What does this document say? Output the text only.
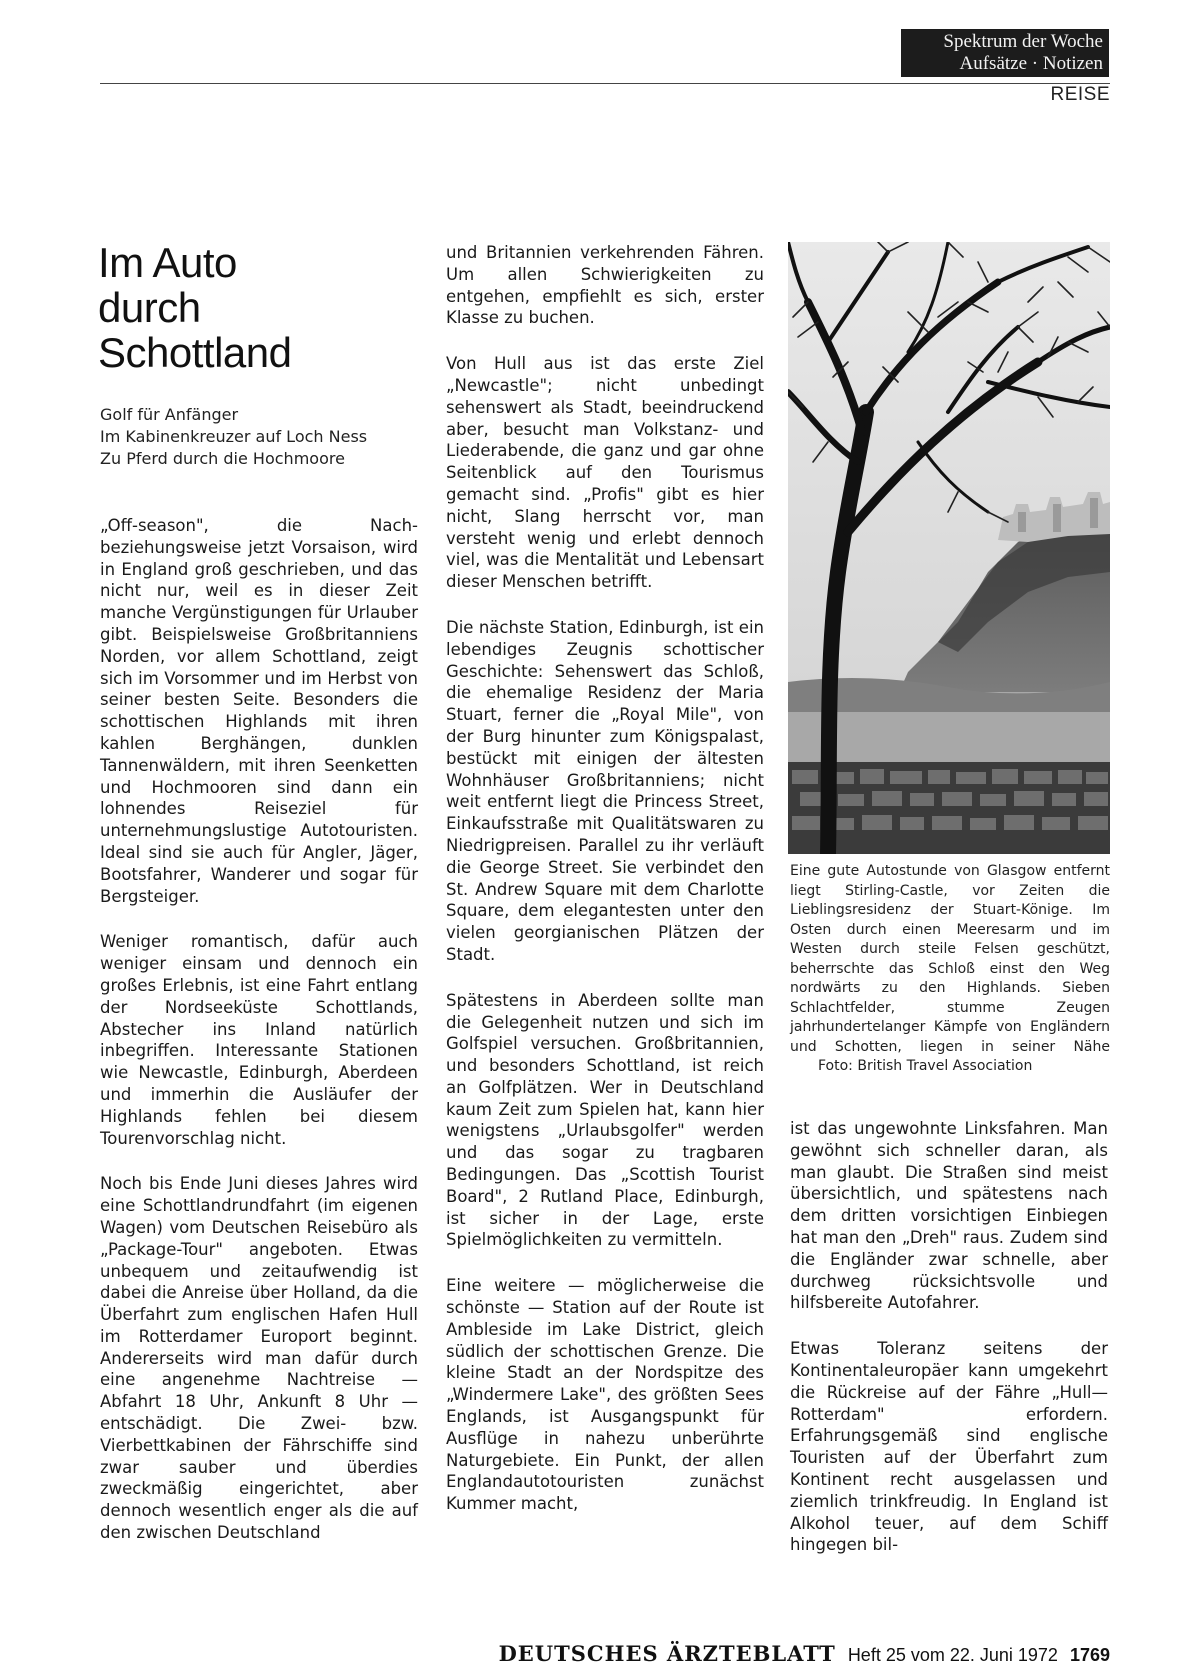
Spektrum der Woche
Aufsätze · Notizen
REISE
Im Auto
durch
Schottland
Golf für Anfänger
Im Kabinenkreuzer auf Loch Ness
Zu Pferd durch die Hochmoore

„Off-season", die Nach- beziehungsweise jetzt Vorsaison, wird in England groß geschrieben, und das nicht nur, weil es in dieser Zeit manche Vergünstigungen für Urlauber gibt. Beispielsweise Großbritanniens Norden, vor allem Schottland, zeigt sich im Vorsommer und im Herbst von seiner besten Seite. Besonders die schottischen Highlands mit ihren kahlen Berghängen, dunklen Tannenwäldern, mit ihren Seenketten und Hochmooren sind dann ein lohnendes Reiseziel für unternehmungslustige Autotouristen. Ideal sind sie auch für Angler, Jäger, Bootsfahrer, Wanderer und sogar für Bergsteiger.

Weniger romantisch, dafür auch weniger einsam und dennoch ein großes Erlebnis, ist eine Fahrt entlang der Nordseeküste Schottlands, Abstecher ins Inland natürlich inbegriffen. Interessante Stationen wie Newcastle, Edinburgh, Aberdeen und immerhin die Ausläufer der Highlands fehlen bei diesem Tourenvorschlag nicht.

Noch bis Ende Juni dieses Jahres wird eine Schottlandrundfahrt (im eigenen Wagen) vom Deutschen Reisebüro als „Package-Tour" angeboten. Etwas unbequem und zeitaufwendig ist dabei die Anreise über Holland, da die Überfahrt zum englischen Hafen Hull im Rotterdamer Europort beginnt. Andererseits wird man dafür durch eine angenehme Nachtreise — Abfahrt 18 Uhr, Ankunft 8 Uhr — entschädigt. Die Zwei- bzw. Vierbettkabinen der Fährschiffe sind zwar sauber und überdies zweckmäßig eingerichtet, aber dennoch wesentlich enger als die auf den zwischen Deutschland

und Britannien verkehrenden Fähren. Um allen Schwierigkeiten zu entgehen, empfiehlt es sich, erster Klasse zu buchen.

Von Hull aus ist das erste Ziel „Newcastle"; nicht unbedingt sehenswert als Stadt, beeindruckend aber, besucht man Volkstanz- und Liederabende, die ganz und gar ohne Seitenblick auf den Tourismus gemacht sind. „Profis" gibt es hier nicht, Slang herrscht vor, man versteht wenig und erlebt dennoch viel, was die Mentalität und Lebensart dieser Menschen betrifft.

Die nächste Station, Edinburgh, ist ein lebendiges Zeugnis schottischer Geschichte: Sehenswert das Schloß, die ehemalige Residenz der Maria Stuart, ferner die „Royal Mile", von der Burg hinunter zum Königspalast, bestückt mit einigen der ältesten Wohnhäuser Großbritanniens; nicht weit entfernt liegt die Princess Street, Einkaufsstraße mit Qualitätswaren zu Niedrigpreisen. Parallel zu ihr verläuft die George Street. Sie verbindet den St. Andrew Square mit dem Charlotte Square, dem elegantesten unter den vielen georgianischen Plätzen der Stadt.

Spätestens in Aberdeen sollte man die Gelegenheit nutzen und sich im Golfspiel versuchen. Großbritannien, und besonders Schottland, ist reich an Golfplätzen. Wer in Deutschland kaum Zeit zum Spielen hat, kann hier wenigstens „Urlaubsgolfer" werden und das sogar zu tragbaren Bedingungen. Das „Scottish Tourist Board", 2 Rutland Place, Edinburgh, ist sicher in der Lage, erste Spielmöglichkeiten zu vermitteln.

Eine weitere — möglicherweise die schönste — Station auf der Route ist Ambleside im Lake District, gleich südlich der schottischen Grenze. Die kleine Stadt an der Nordspitze des „Windermere Lake", des größten Sees Englands, ist Ausgangspunkt für Ausflüge in nahezu unberührte Naturgebiete. Ein Punkt, der allen Englandautotouristen zunächst Kummer macht,

Eine gute Autostunde von Glasgow entfernt liegt Stirling-Castle, vor Zeiten die Lieblingsresidenz der Stuart-Könige. Im Osten durch einen Meeresarm und im Westen durch steile Felsen geschützt, beherrschte das Schloß einst den Weg nordwärts zu den Highlands. Sieben Schlachtfelder, stumme Zeugen jahrhundertelanger Kämpfe von Engländern und Schotten, liegen in seiner Nähe Foto: British Travel Association

ist das ungewohnte Linksfahren. Man gewöhnt sich schneller daran, als man glaubt. Die Straßen sind meist übersichtlich, und spätestens nach dem dritten vorsichtigen Einbiegen hat man den „Dreh" raus. Zudem sind die Engländer zwar schnelle, aber durchweg rücksichtsvolle und hilfsbereite Autofahrer.

Etwas Toleranz seitens der Kontinentaleuropäer kann umgekehrt die Rückreise auf der Fähre „Hull—Rotterdam" erfordern. Erfahrungsgemäß sind englische Touristen auf der Überfahrt zum Kontinent recht ausgelassen und ziemlich trinkfreudig. In England ist Alkohol teuer, auf dem Schiff hingegen bil-

DEUTSCHES ÄRZTEBLATT Heft 25 vom 22. Juni 1972 1769
